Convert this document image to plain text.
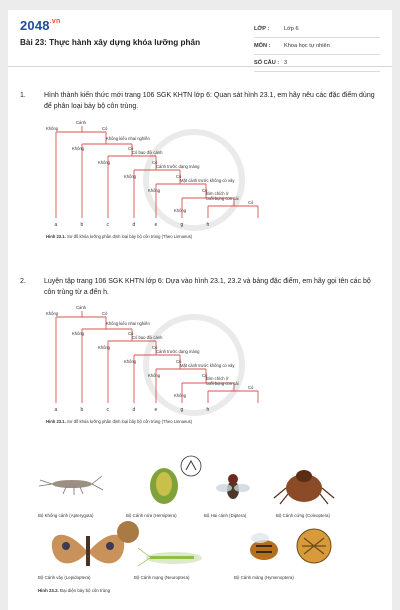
$2048^{.vn}$
Bài 23: Thực hành xây dựng khóa lưỡng phân
LỚP :	Lớp 6
MÔN :	Khoa học tự nhiên
SỐ CÂU : 3
1.	Hình thành kiến thức mới trang 106 SGK KHTN lớp 6: Quan sát hình 23.1, em hãy nêu các đặc điểm dùng để phân loại bảy bộ côn trùng.
Cánh
Không	Có
Không kiểu nhai nghiền
Không	Có
Có bao đôi cánh
Không	Có
Cánh trước dạng màng
Không	Có
Mặt cánh trước không có vảy
Không	Có
Bìm chích ở
cuối bụng con cái
Không
Có
a	b	c	d	e	g	h
Hình 23.1. Sơ đồ khóa lưỡng phân định loại bảy bộ côn trùng (Theo Linnaeus)
2.	Luyện tập trang 106 SGK KHTN lớp 6: Dựa vào hình 23.1, 23.2 và bảng đặc điểm, em hãy gọi tên các bộ côn trùng từ a đến h.
Cánh
Không	Có
Không kiểu nhai nghiền
Không	Có
Có bao đôi cánh
Không	Có
Cánh trước dạng màng
Không	Có
Mặt cánh trước không có vảy
Không	Có
Bìm chích ở
cuối bụng con cái
Không
Có
a	b	c	d	e	g	h
Hình 23.1. Sơ đồ khóa lưỡng phân định loại bảy bộ côn trùng (Theo Linnaeus)
Bộ Không cánh (Apterygota)	Bộ Cánh nửa (Hemiptera)	Bộ Hai cánh (Diptera)	Bộ Cánh cứng (Coleoptera)
Bộ Cánh vảy (Lepidoptera)	Bộ Cánh mạng (Neuroptera)	Bộ Cánh màng (Hymenoptera)
Hình 23.2. Đại diện bảy bộ côn trùng
